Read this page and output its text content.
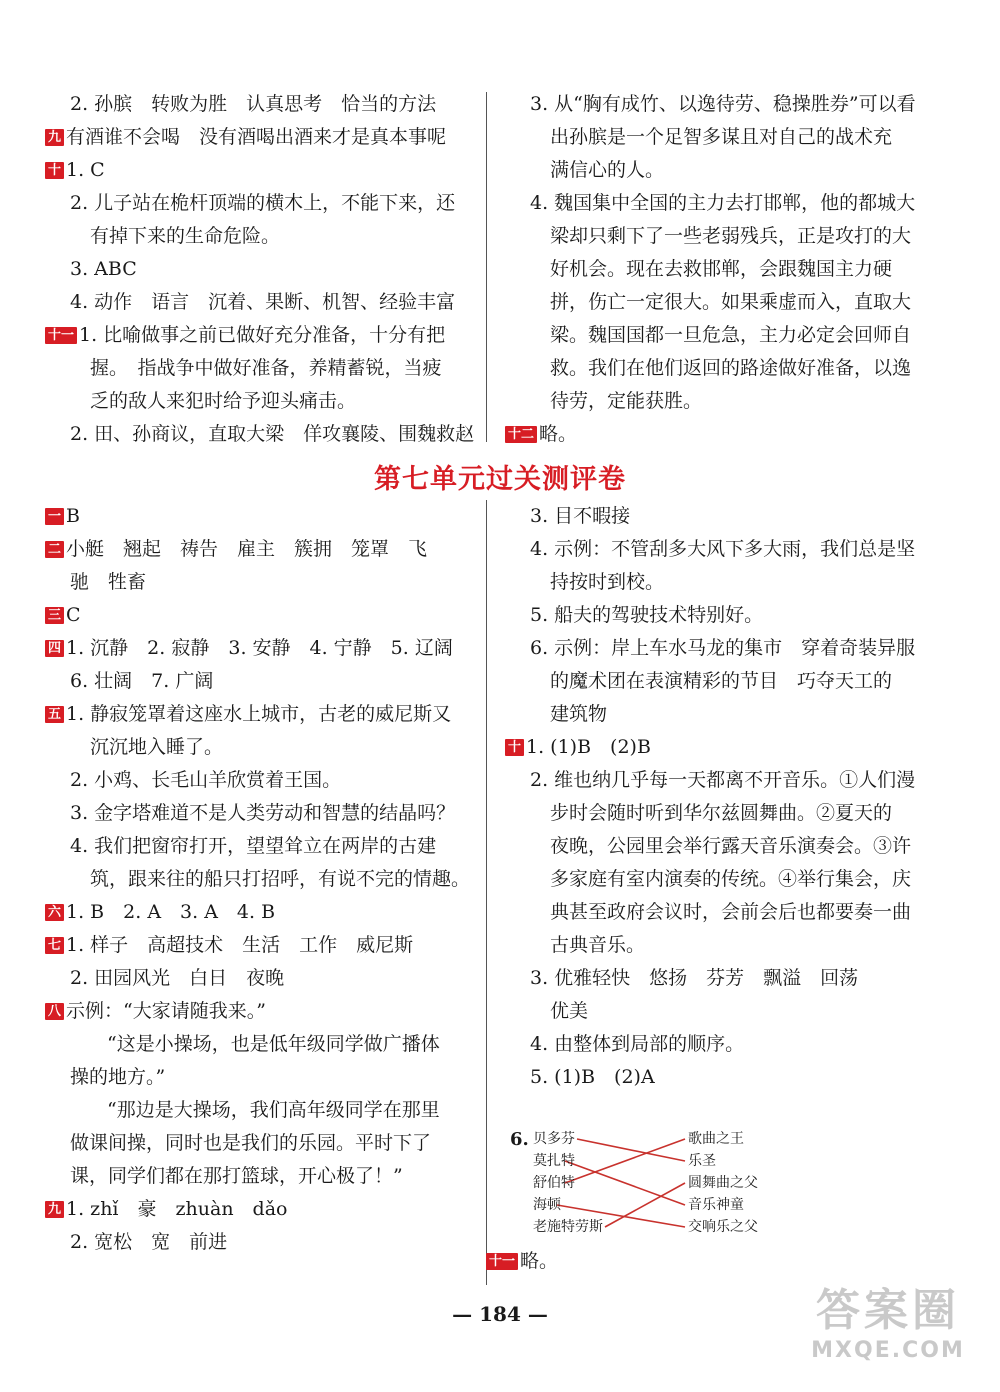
2. 孙膑　转败为胜　认真思考　恰当的方法
九 有酒谁不会喝　没有酒喝出酒来才是真本事呢
十 1. C
2. 儿子站在桅杆顶端的横木上，不能下来，还
有掉下来的生命危险。
3. ABC
4. 动作　语言　沉着、果断、机智、经验丰富
十一 1. 比喻做事之前已做好充分准备，十分有把
握。　指战争中做好准备，养精蓄锐，当疲
乏的敌人来犯时给予迎头痛击。
2. 田、孙商议，直取大梁　佯攻襄陵、围魏救赵
3. 从“胸有成竹、以逸待劳、稳操胜券”可以看
出孙膑是一个足智多谋且对自己的战术充
满信心的人。
4. 魏国集中全国的主力去打邯郸，他的都城大
梁却只剩下了一些老弱残兵，正是攻打的大
好机会。现在去救邯郸，会跟魏国主力硬
拼，伤亡一定很大。如果乘虚而入，直取大
梁。魏国国都一旦危急，主力必定会回师自
救。我们在他们返回的路途做好准备，以逸
待劳，定能获胜。
十二 略。
第七单元过关测评卷
一 B
二 小艇　翘起　祷告　雇主　簇拥　笼罩　飞
驰　牲畜
三 C
四 1. 沉静　2. 寂静　3. 安静　4. 宁静　5. 辽阔
6. 壮阔　7. 广阔
五 1. 静寂笼罩着这座水上城市，古老的威尼斯又
沉沉地入睡了。
2. 小鸡、长毛山羊欣赏着王国。
3. 金字塔难道不是人类劳动和智慧的结晶吗？
4. 我们把窗帘打开，望望耸立在两岸的古建
筑，跟来往的船只打招呼，有说不完的情趣。
六 1. B　2. A　3. A　4. B
七 1. 样子　高超技术　生活　工作　威尼斯
2. 田园风光　白日　夜晚
八 示例：“大家请随我来。”
“这是小操场，也是低年级同学做广播体
操的地方。”
“那边是大操场，我们高年级同学在那里
做课间操，同时也是我们的乐园。平时下了
课，同学们都在那打篮球，开心极了！”
九 1. zhǐ　豪　zhuàn　dǎo
2. 宽松　宽　前进
3. 目不暇接
4. 示例：不管刮多大风下多大雨，我们总是坚
持按时到校。
5. 船夫的驾驶技术特别好。
6. 示例：岸上车水马龙的集市　穿着奇装异服
的魔术团在表演精彩的节目　巧夺天工的
建筑物
十 1. (1)B　(2)B
2. 维也纳几乎每一天都离不开音乐。①人们漫
步时会随时听到华尔兹圆舞曲。②夏天的
夜晚，公园里会举行露天音乐演奏会。③许
多家庭有室内演奏的传统。④举行集会，庆
典甚至政府会议时，会前会后也都要奏一曲
古典音乐。
3. 优雅轻快　悠扬　芬芳　飘溢　回荡
优美
4. 由整体到局部的顺序。
5. (1)B　(2)A
6. 贝多芬
莫扎特
舒伯特
海顿
老施特劳斯
歌曲之王
乐圣
圆舞曲之父
音乐神童
交响乐之父
十一 略。
— 184 —	答案圈
MXQE.COM
